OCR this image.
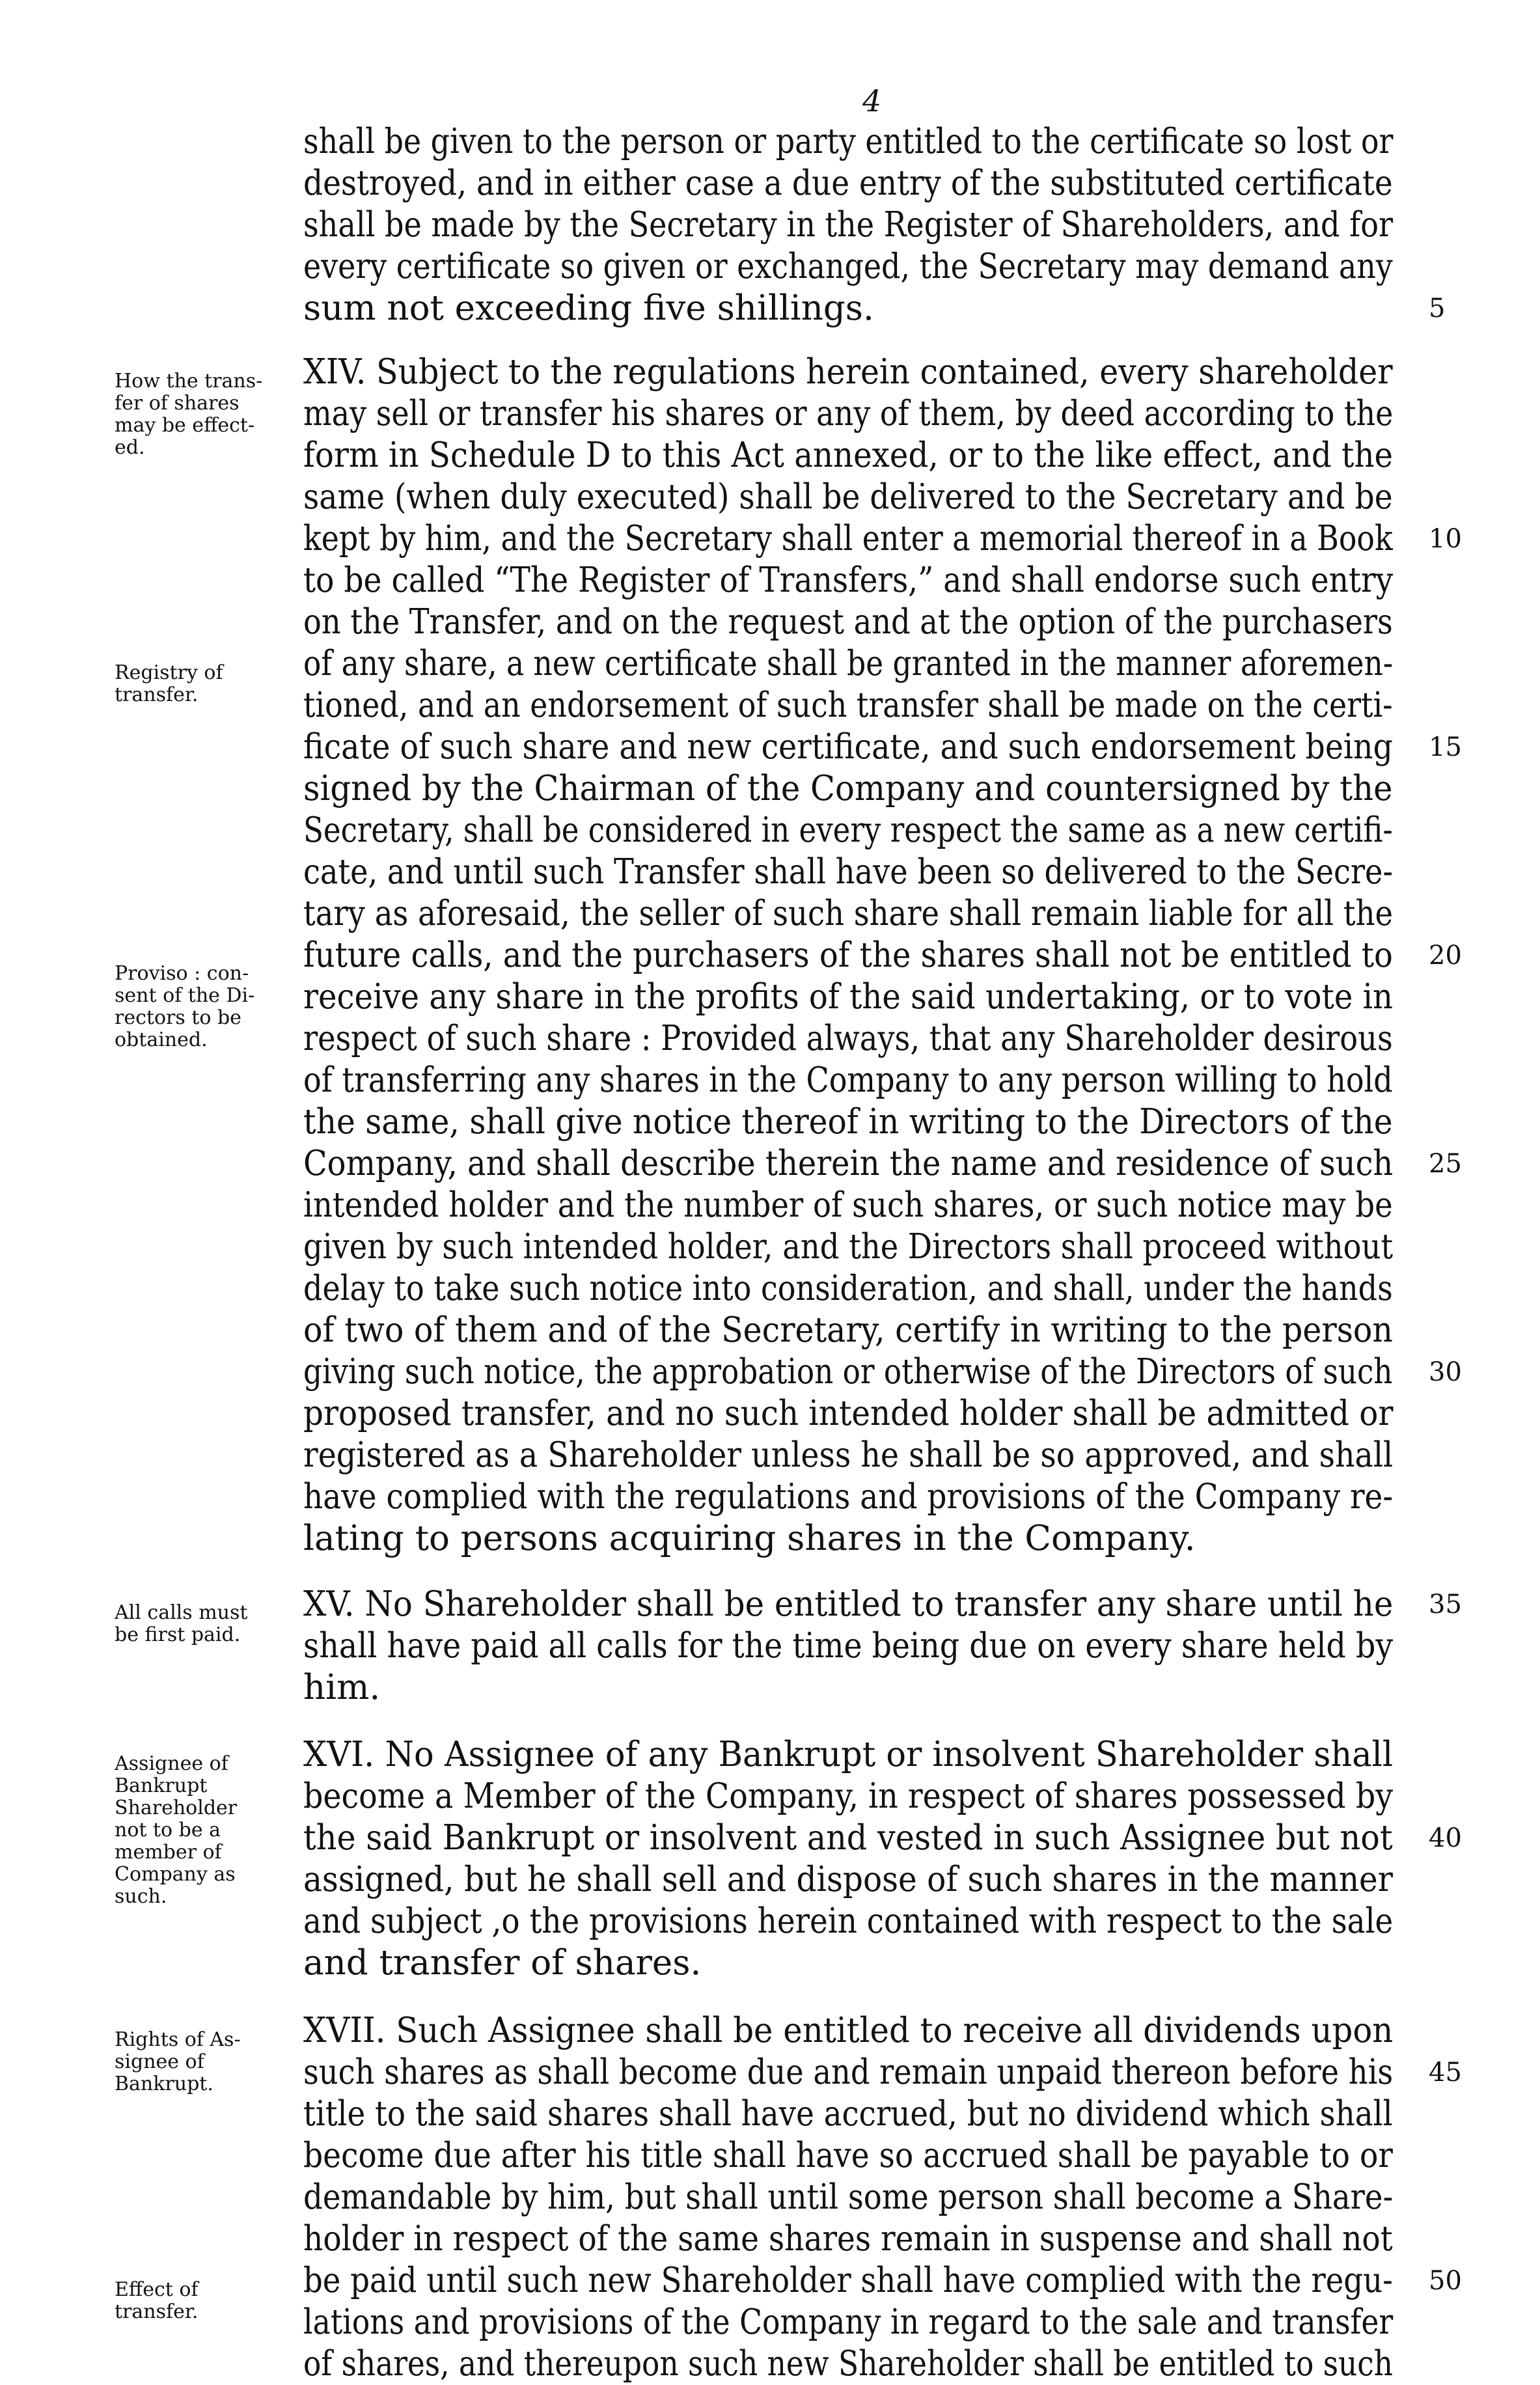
4
shall be given to the person or party entitled to the certificate so lost or
destroyed, and in either case a due entry of the substituted certificate
shall be made by the Secretary in the Register of Shareholders, and for
every certificate so given or exchanged, the Secretary may demand any
sum not exceeding five shillings.
XIV. Subject to the regulations herein contained, every shareholder
may sell or transfer his shares or any of them, by deed according to the
form in Schedule D to this Act annexed, or to the like effect, and the
same (when duly executed) shall be delivered to the Secretary and be
kept by him, and the Secretary shall enter a memorial thereof in a Book
to be called “The Register of Transfers,” and shall endorse such entry
on the Transfer, and on the request and at the option of the purchasers
of any share, a new certificate shall be granted in the manner aforemen-
tioned, and an endorsement of such transfer shall be made on the certi-
ficate of such share and new certificate, and such endorsement being
signed by the Chairman of the Company and countersigned by the
Secretary, shall be considered in every respect the same as a new certifi-
cate, and until such Transfer shall have been so delivered to the Secre-
tary as aforesaid, the seller of such share shall remain liable for all the
future calls, and the purchasers of the shares shall not be entitled to
receive any share in the profits of the said undertaking, or to vote in
respect of such share : Provided always, that any Shareholder desirous
of transferring any shares in the Company to any person willing to hold
the same, shall give notice thereof in writing to the Directors of the
Company, and shall describe therein the name and residence of such
intended holder and the number of such shares, or such notice may be
given by such intended holder, and the Directors shall proceed without
delay to take such notice into consideration, and shall, under the hands
of two of them and of the Secretary, certify in writing to the person
giving such notice, the approbation or otherwise of the Directors of such
proposed transfer, and no such intended holder shall be admitted or
registered as a Shareholder unless he shall be so approved, and shall
have complied with the regulations and provisions of the Company re-
lating to persons acquiring shares in the Company.
XV. No Shareholder shall be entitled to transfer any share until he
shall have paid all calls for the time being due on every share held by
him.
XVI. No Assignee of any Bankrupt or insolvent Shareholder shall
become a Member of the Company, in respect of shares possessed by
the said Bankrupt or insolvent and vested in such Assignee but not
assigned, but he shall sell and dispose of such shares in the manner
and subject ,o the provisions herein contained with respect to the sale
and transfer of shares.
XVII. Such Assignee shall be entitled to receive all dividends upon
such shares as shall become due and remain unpaid thereon before his
title to the said shares shall have accrued, but no dividend which shall
become due after his title shall have so accrued shall be payable to or
demandable by him, but shall until some person shall become a Share-
holder in respect of the same shares remain in suspense and shall not
be paid until such new Shareholder shall have complied with the regu-
lations and provisions of the Company in regard to the sale and transfer
of shares, and thereupon such new Shareholder shall be entitled to such
How the trans-
fer of shares
may be effect-
ed.
Registry of
transfer.
Proviso : con-
sent of the Di-
rectors to be
obtained.
All calls must
be first paid.
Assignee of
Bankrupt
Shareholder
not to be a
member of
Company as
such.
Rights of As-
signee of
Bankrupt.
Effect of
transfer.
5
10
15
20
25
30
35
40
45
50
